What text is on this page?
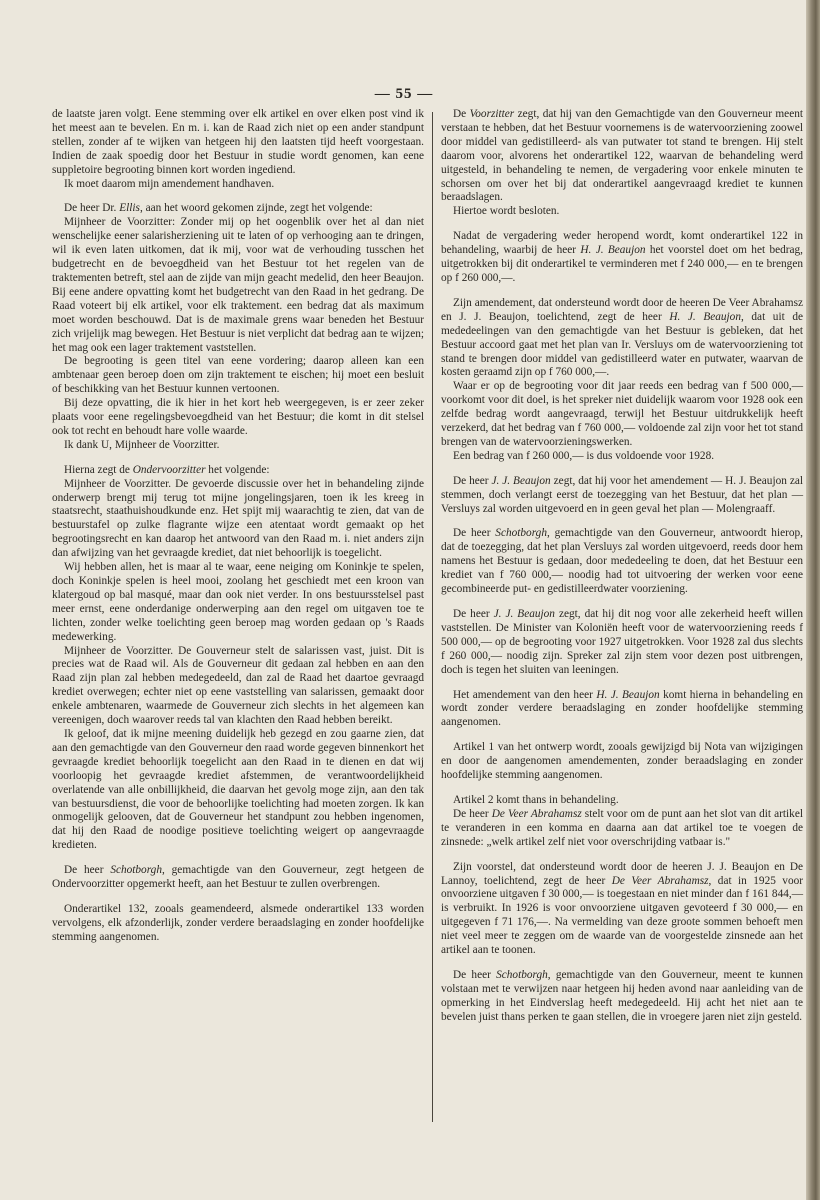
— 55 —

de laatste jaren volgt. Eene stemming over elk artikel en over elken post vind ik het meest aan te bevelen. En m. i. kan de Raad zich niet op een ander standpunt stellen, zonder af te wijken van hetgeen hij den laatsten tijd heeft voorgestaan. Indien de zaak spoedig door het Bestuur in studie wordt genomen, kan eene suppletoire begrooting binnen kort worden ingediend.

Ik moet daarom mijn amendement handhaven.

De heer Dr. Ellis, aan het woord gekomen zijnde, zegt het volgende:

Mijnheer de Voorzitter: Zonder mij op het oogenblik over het al dan niet wenschelijke eener salarisherziening uit te laten of op verhooging aan te dringen, wil ik even laten uitkomen, dat ik mij, voor wat de verhouding tusschen het budgetrecht en de bevoegdheid van het Bestuur tot het regelen van de traktementen betreft, stel aan de zijde van mijn geacht medelid, den heer Beaujon. Bij eene andere opvatting komt het budgetrecht van den Raad in het gedrang. De Raad voteert bij elk artikel, voor elk traktement. een bedrag dat als maximum moet worden beschouwd. Dat is de maximale grens waar beneden het Bestuur zich vrijelijk mag bewegen. Het Bestuur is niet verplicht dat bedrag aan te wijzen; het mag ook een lager traktement vaststellen.

De begrooting is geen titel van eene vordering; daarop alleen kan een ambtenaar geen beroep doen om zijn traktement te eischen; hij moet een besluit of beschikking van het Bestuur kunnen vertoonen.

Bij deze opvatting, die ik hier in het kort heb weergegeven, is er zeer zeker plaats voor eene regelingsbevoegdheid van het Bestuur; die komt in dit stelsel ook tot recht en behoudt hare volle waarde.

Ik dank U, Mijnheer de Voorzitter.

Hierna zegt de Ondervoorzitter het volgende:

Mijnheer de Voorzitter. De gevoerde discussie over het in behandeling zijnde onderwerp brengt mij terug tot mijne jongelingsjaren, toen ik les kreeg in staatsrecht, staathuishoudkunde enz. Het spijt mij waarachtig te zien, dat van de bestuurstafel op zulke flagrante wijze een atentaat wordt gemaakt op het begrootingsrecht en kan daarop het antwoord van den Raad m. i. niet anders zijn dan afwijzing van het gevraagde krediet, dat niet behoorlijk is toegelicht.

Wij hebben allen, het is maar al te waar, eene neiging om Koninkje te spelen, doch Koninkje spelen is heel mooi, zoolang het geschiedt met een kroon van klatergoud op bal masqué, maar dan ook niet verder. In ons bestuursstelsel past meer ernst, eene onderdanige onderwerping aan den regel om uitgaven toe te lichten, zonder welke toelichting geen beroep mag worden gedaan op 's Raads medewerking.

Mijnheer de Voorzitter. De Gouverneur stelt de salarissen vast, juist. Dit is precies wat de Raad wil. Als de Gouverneur dit gedaan zal hebben en aan den Raad zijn plan zal hebben medegedeeld, dan zal de Raad het daartoe gevraagd krediet overwegen; echter niet op eene vaststelling van salarissen, gemaakt door enkele ambtenaren, waarmede de Gouverneur zich slechts in het algemeen kan vereenigen, doch waarover reeds tal van klachten den Raad hebben bereikt.

Ik geloof, dat ik mijne meening duidelijk heb gezegd en zou gaarne zien, dat aan den gemachtigde van den Gouverneur den raad worde gegeven binnenkort het gevraagde krediet behoorlijk toegelicht aan den Raad in te dienen en dat wij voorloopig het gevraagde krediet afstemmen, de verantwoordelijkheid overlatende van alle onbillijkheid, die daarvan het gevolg moge zijn, aan den tak van bestuursdienst, die voor de behoorlijke toelichting had moeten zorgen. Ik kan onmogelijk gelooven, dat de Gouverneur het standpunt zou hebben ingenomen, dat hij den Raad de noodige positieve toelichting weigert op aangevraagde kredieten.

De heer Schotborgh, gemachtigde van den Gouverneur, zegt hetgeen de Ondervoorzitter opgemerkt heeft, aan het Bestuur te zullen overbrengen.

Onderartikel 132, zooals geamendeerd, alsmede onderartikel 133 worden vervolgens, elk afzonderlijk, zonder verdere beraadslaging en zonder hoofdelijke stemming aangenomen.

De Voorzitter zegt, dat hij van den Gemachtigde van den Gouverneur meent verstaan te hebben, dat het Bestuur voornemens is de watervoorziening zoowel door middel van gedistilleerd- als van putwater tot stand te brengen. Hij stelt daarom voor, alvorens het onderartikel 122, waarvan de behandeling werd uitgesteld, in behandeling te nemen, de vergadering voor enkele minuten te schorsen om over het bij dat onderartikel aangevraagd krediet te kunnen beraadslagen.

Hiertoe wordt besloten.

Nadat de vergadering weder heropend wordt, komt onderartikel 122 in behandeling, waarbij de heer H. J. Beaujon het voorstel doet om het bedrag, uitgetrokken bij dit onderartikel te verminderen met f 240 000,— en te brengen op f 260 000,—.

Zijn amendement, dat ondersteund wordt door de heeren De Veer Abrahamsz en J. J. Beaujon, toelichtend, zegt de heer H. J. Beaujon, dat uit de mededeelingen van den gemachtigde van het Bestuur is gebleken, dat het Bestuur accoord gaat met het plan van Ir. Versluys om de watervoorziening tot stand te brengen door middel van gedistilleerd water en putwater, waarvan de kosten geraamd zijn op f 760 000,—.

Waar er op de begrooting voor dit jaar reeds een bedrag van f 500 000,— voorkomt voor dit doel, is het spreker niet duidelijk waarom voor 1928 ook een zelfde bedrag wordt aangevraagd, terwijl het Bestuur uitdrukkelijk heeft verzekerd, dat het bedrag van f 760 000,— voldoende zal zijn voor het tot stand brengen van de watervoorzieningswerken.

Een bedrag van f 260 000,— is dus voldoende voor 1928.

De heer J. J. Beaujon zegt, dat hij voor het amendement — H. J. Beaujon zal stemmen, doch verlangt eerst de toezegging van het Bestuur, dat het plan — Versluys zal worden uitgevoerd en in geen geval het plan — Molengraaff.

De heer Schotborgh, gemachtigde van den Gouverneur, antwoordt hierop, dat de toezegging, dat het plan Versluys zal worden uitgevoerd, reeds door hem namens het Bestuur is gedaan, door mededeeling te doen, dat het Bestuur een krediet van f 760 000,— noodig had tot uitvoering der werken voor eene gecombineerde put- en gedistilleerdwater voorziening.

De heer J. J. Beaujon zegt, dat hij dit nog voor alle zekerheid heeft willen vaststellen. De Minister van Koloniën heeft voor de watervoorziening reeds f 500 000,— op de begrooting voor 1927 uitgetrokken. Voor 1928 zal dus slechts f 260 000,— noodig zijn. Spreker zal zijn stem voor dezen post uitbrengen, doch is tegen het sluiten van leeningen.

Het amendement van den heer H. J. Beaujon komt hierna in behandeling en wordt zonder verdere beraadslaging en zonder hoofdelijke stemming aangenomen.

Artikel 1 van het ontwerp wordt, zooals gewijzigd bij Nota van wijzigingen en door de aangenomen amendementen, zonder beraadslaging en zonder hoofdelijke stemming aangenomen.

Artikel 2 komt thans in behandeling.

De heer De Veer Abrahamsz stelt voor om de punt aan het slot van dit artikel te veranderen in een komma en daarna aan dat artikel toe te voegen de zinsnede: „welk artikel zelf niet voor overschrijding vatbaar is."

Zijn voorstel, dat ondersteund wordt door de heeren J. J. Beaujon en De Lannoy, toelichtend, zegt de heer De Veer Abrahamsz, dat in 1925 voor onvoorziene uitgaven f 30 000,— is toegestaan en niet minder dan f 161 844,— is verbruikt. In 1926 is voor onvoorziene uitgaven gevoteerd f 30 000,— en uitgegeven f 71 176,—. Na vermelding van deze groote sommen behoeft men niet veel meer te zeggen om de waarde van de voorgestelde zinsnede aan het artikel aan te toonen.

De heer Schotborgh, gemachtigde van den Gouverneur, meent te kunnen volstaan met te verwijzen naar hetgeen hij heden avond naar aanleiding van de opmerking in het Eindverslag heeft medegedeeld. Hij acht het niet aan te bevelen juist thans perken te gaan stellen, die in vroegere jaren niet zijn gesteld.
